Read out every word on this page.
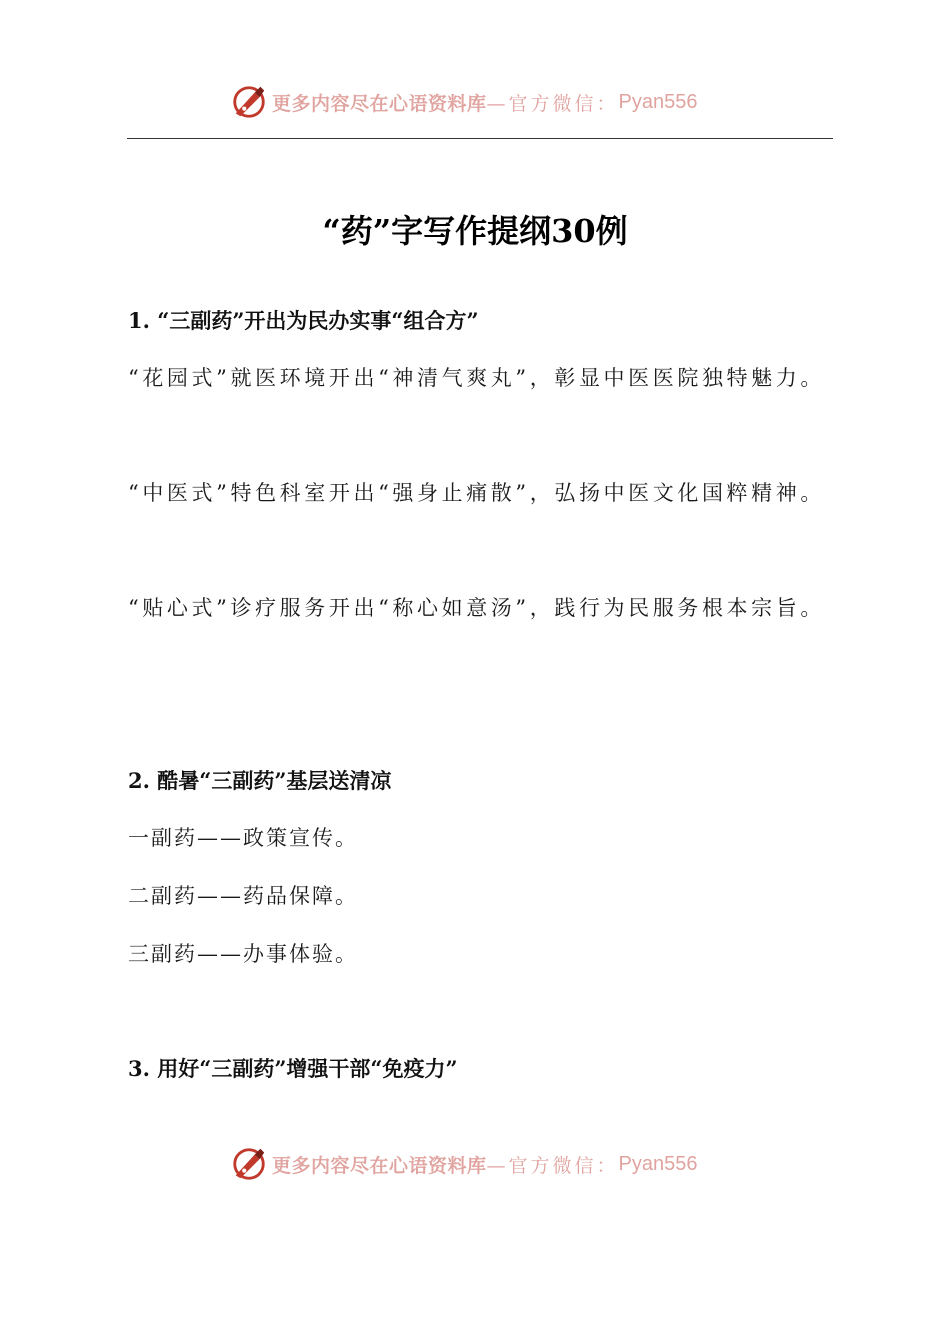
更多内容尽在心语资料库 —官方微信： Pyan556
“药”字写作提纲30例
1. “三副药”开出为民办实事“组合方”
“花园式”就医环境开出“神清气爽丸”，彰显中医医院独特魅力。
“中医式”特色科室开出“强身止痛散”，弘扬中医文化国粹精神。
“贴心式”诊疗服务开出“称心如意汤”，践行为民服务根本宗旨。
2. 酷暑“三副药”基层送清凉
一副药——政策宣传。
二副药——药品保障。
三副药——办事体验。
3. 用好“三副药”增强干部“免疫力”
更多内容尽在心语资料库 —官方微信： Pyan556
